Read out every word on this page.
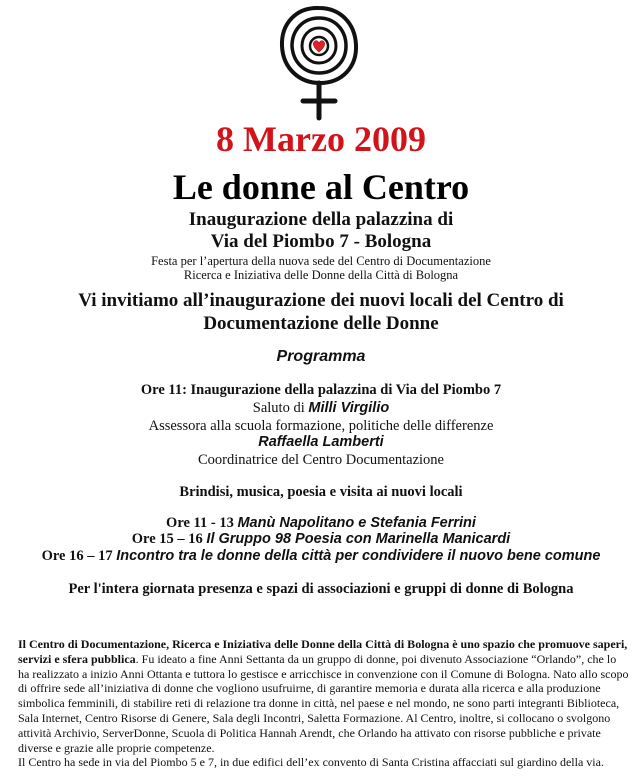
8 Marzo 2009
Le donne al Centro
Inaugurazione della palazzina di
Via del Piombo 7 - Bologna
Festa per l’apertura della nuova sede del Centro di Documentazione
Ricerca e Iniziativa delle Donne della Città di Bologna
Vi invitiamo all’inaugurazione dei nuovi locali del Centro di
Documentazione delle Donne
Programma
Ore 11: Inaugurazione della palazzina di Via del Piombo 7
Saluto di Milli Virgilio
Assessora alla scuola formazione, politiche delle differenze
Raffaella Lamberti
Coordinatrice del Centro Documentazione
Brindisi, musica, poesia e visita ai nuovi locali
Ore 11 - 13 Manù Napolitano e Stefania Ferrini
Ore 15 – 16 Il Gruppo 98 Poesia con Marinella Manicardi
Ore 16 – 17 Incontro tra le donne della città per condividere il nuovo bene comune
Per l'intera giornata presenza e spazi di associazioni e gruppi di donne di Bologna

Il Centro di Documentazione, Ricerca e Iniziativa delle Donne della Città di Bologna è uno spazio che promuove saperi, servizi e sfera pubblica. Fu ideato a fine Anni Settanta da un gruppo di donne, poi divenuto Associazione “Orlando”, che lo ha realizzato a inizio Anni Ottanta e tuttora lo gestisce e arricchisce in convenzione con il Comune di Bologna. Nato allo scopo di offrire sede all’iniziativa di donne che vogliono usufruirne, di garantire memoria e durata alla ricerca e alla produzione simbolica femminili, di stabilire reti di relazione tra donne in città, nel paese e nel mondo, ne sono parti integranti Biblioteca, Sala Internet, Centro Risorse di Genere, Sala degli Incontri, Saletta Formazione. Al Centro, inoltre, si collocano o svolgono attività Archivio, ServerDonne, Scuola di Politica Hannah Arendt, che Orlando ha attivato con risorse pubbliche e private diverse e grazie alle proprie competenze.

Il Centro ha sede in via del Piombo 5 e 7, in due edifici dell’ex convento di Santa Cristina affacciati sul giardino della via.
